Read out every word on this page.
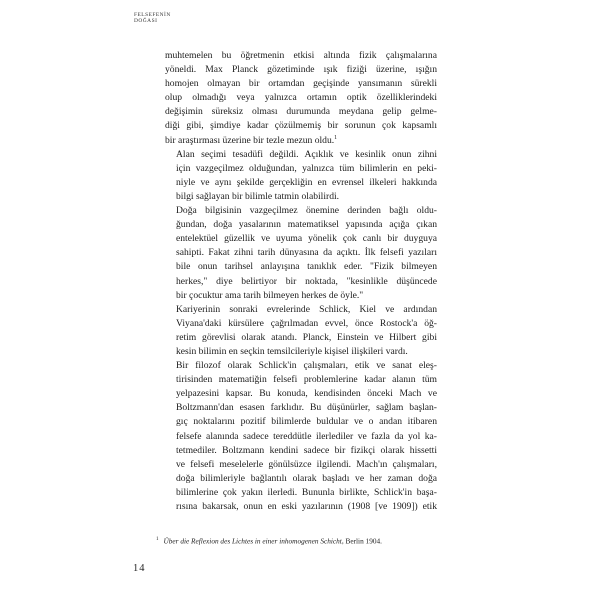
FELSEFENİN
DOĞASI

muhtemelen bu öğretmenin etkisi altında fizik çalışmalarına
yöneldi. Max Planck gözetiminde ışık fiziği üzerine, ışığın
homojen olmayan bir ortamdan geçişinde yansımanın sürekli
olup olmadığı veya yalnızca ortamın optik özelliklerindeki
değişimin süreksiz olması durumunda meydana gelip gelme-
diği gibi, şimdiye kadar çözülmemiş bir sorunun çok kapsamlı
bir araştırması üzerine bir tezle mezun oldu.$^1$

Alan seçimi tesadüfi değildi. Açıklık ve kesinlik onun zihni
için vazgeçilmez olduğundan, yalnızca tüm bilimlerin en peki-
niyle ve aynı şekilde gerçekliğin en evrensel ilkeleri hakkında
bilgi sağlayan bir bilimle tatmin olabilirdi.

Doğa bilgisinin vazgeçilmez önemine derinden bağlı oldu-
ğundan, doğa yasalarının matematiksel yapısında açığa çıkan
entelektüel güzellik ve uyuma yönelik çok canlı bir duyguya
sahipti. Fakat zihni tarih dünyasına da açıktı. İlk felsefi yazıları
bile onun tarihsel anlayışına tanıklık eder. "Fizik bilmeyen
herkes," diye belirtiyor bir noktada, "kesinlikle düşüncede
bir çocuktur ama tarih bilmeyen herkes de öyle."

Kariyerinin sonraki evrelerinde Schlick, Kiel ve ardından
Viyana'daki kürsülere çağrılmadan evvel, önce Rostock'a öğ-
retim görevlisi olarak atandı. Planck, Einstein ve Hilbert gibi
kesin bilimin en seçkin temsilcileriyle kişisel ilişkileri vardı.

Bir filozof olarak Schlick'in çalışmaları, etik ve sanat eleş-
tirisinden matematiğin felsefi problemlerine kadar alanın tüm
yelpazesini kapsar. Bu konuda, kendisinden önceki Mach ve
Boltzmann'dan esasen farklıdır. Bu düşünürler, sağlam başlan-
gıç noktalarını pozitif bilimlerde buldular ve o andan itibaren
felsefe alanında sadece tereddütle ilerlediler ve fazla da yol ka-
tetmediler. Boltzmann kendini sadece bir fizikçi olarak hissetti
ve felsefi meselelerle gönülsüzce ilgilendi. Mach'ın çalışmaları,
doğa bilimleriyle bağlantılı olarak başladı ve her zaman doğa
bilimlerine çok yakın ilerledi. Bununla birlikte, Schlick'in başa-
rısına bakarsak, onun en eski yazılarının (1908 [ve 1909]) etik

$^1$ Über die Reflexion des Lichtes in einer inhomogenen Schicht, Berlin 1904.
14
